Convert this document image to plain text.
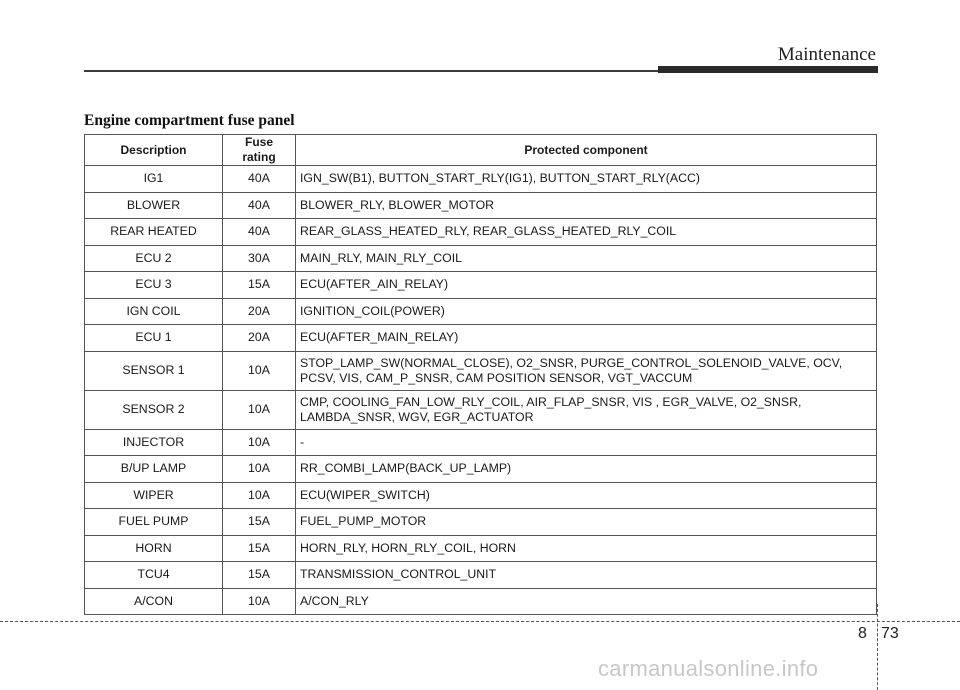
Maintenance
Engine compartment fuse panel
Description	Fuse rating	Protected component
IG1	40A	IGN_SW(B1), BUTTON_START_RLY(IG1), BUTTON_START_RLY(ACC)
BLOWER	40A	BLOWER_RLY, BLOWER_MOTOR
REAR HEATED	40A	REAR_GLASS_HEATED_RLY, REAR_GLASS_HEATED_RLY_COIL
ECU 2	30A	MAIN_RLY, MAIN_RLY_COIL
ECU 3	15A	ECU(AFTER_AIN_RELAY)
IGN COIL	20A	IGNITION_COIL(POWER)
ECU 1	20A	ECU(AFTER_MAIN_RELAY)
SENSOR 1	10A	STOP_LAMP_SW(NORMAL_CLOSE), O2_SNSR, PURGE_CONTROL_SOLENOID_VALVE, OCV,
PCSV, VIS, CAM_P_SNSR, CAM POSITION SENSOR, VGT_VACCUM
SENSOR 2	10A	CMP, COOLING_FAN_LOW_RLY_COIL, AIR_FLAP_SNSR, VIS , EGR_VALVE, O2_SNSR,
LAMBDA_SNSR, WGV, EGR_ACTUATOR
INJECTOR	10A	-
B/UP LAMP	10A	RR_COMBI_LAMP(BACK_UP_LAMP)
WIPER	10A	ECU(WIPER_SWITCH)
FUEL PUMP	15A	FUEL_PUMP_MOTOR
HORN	15A	HORN_RLY, HORN_RLY_COIL, HORN
TCU4	15A	TRANSMISSION_CONTROL_UNIT
A/CON	10A	A/CON_RLY
8 73
carmanualsonline.info
